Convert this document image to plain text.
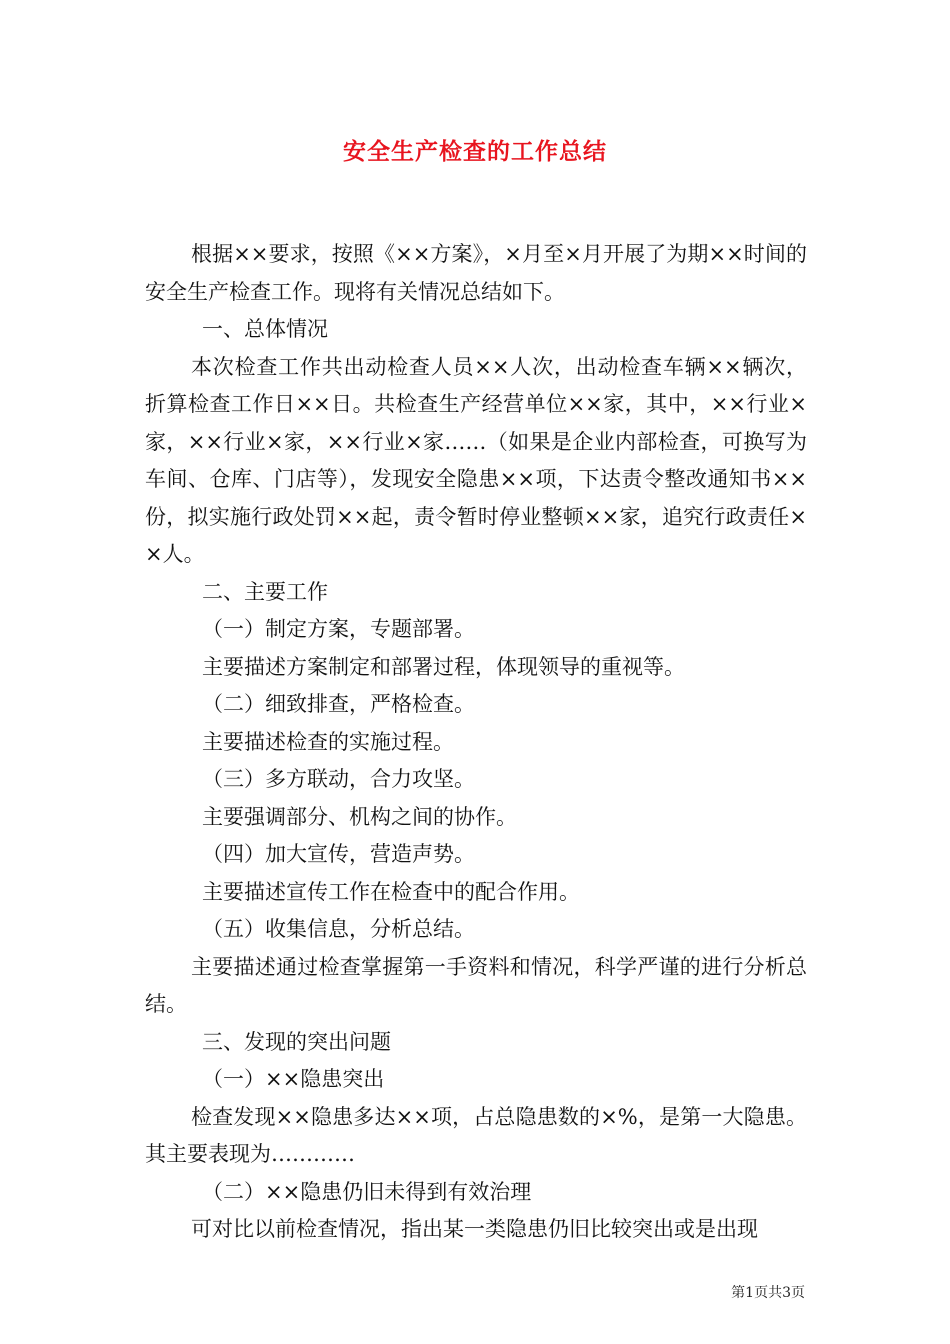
安全生产检查的工作总结

根据××要求，按照《××方案》，×月至×月开展了为期××时间的安全生产检查工作。现将有关情况总结如下。

一、总体情况

本次检查工作共出动检查人员××人次，出动检查车辆××辆次，折算检查工作日××日。共检查生产经营单位××家，其中，××行业×家，××行业×家，××行业×家……（如果是企业内部检查，可换写为车间、仓库、门店等），发现安全隐患××项，下达责令整改通知书××份，拟实施行政处罚××起，责令暂时停业整顿××家，追究行政责任××人。

二、主要工作

（一）制定方案，专题部署。

主要描述方案制定和部署过程，体现领导的重视等。

（二）细致排查，严格检查。

主要描述检查的实施过程。

（三）多方联动，合力攻坚。

主要强调部分、机构之间的协作。

（四）加大宣传，营造声势。

主要描述宣传工作在检查中的配合作用。

（五）收集信息，分析总结。

主要描述通过检查掌握第一手资料和情况，科学严谨的进行分析总结。

三、发现的突出问题

（一）××隐患突出

检查发现××隐患多达××项，占总隐患数的×%，是第一大隐患。其主要表现为…………

（二）××隐患仍旧未得到有效治理

可对比以前检查情况，指出某一类隐患仍旧比较突出或是出现

第1页共3页
